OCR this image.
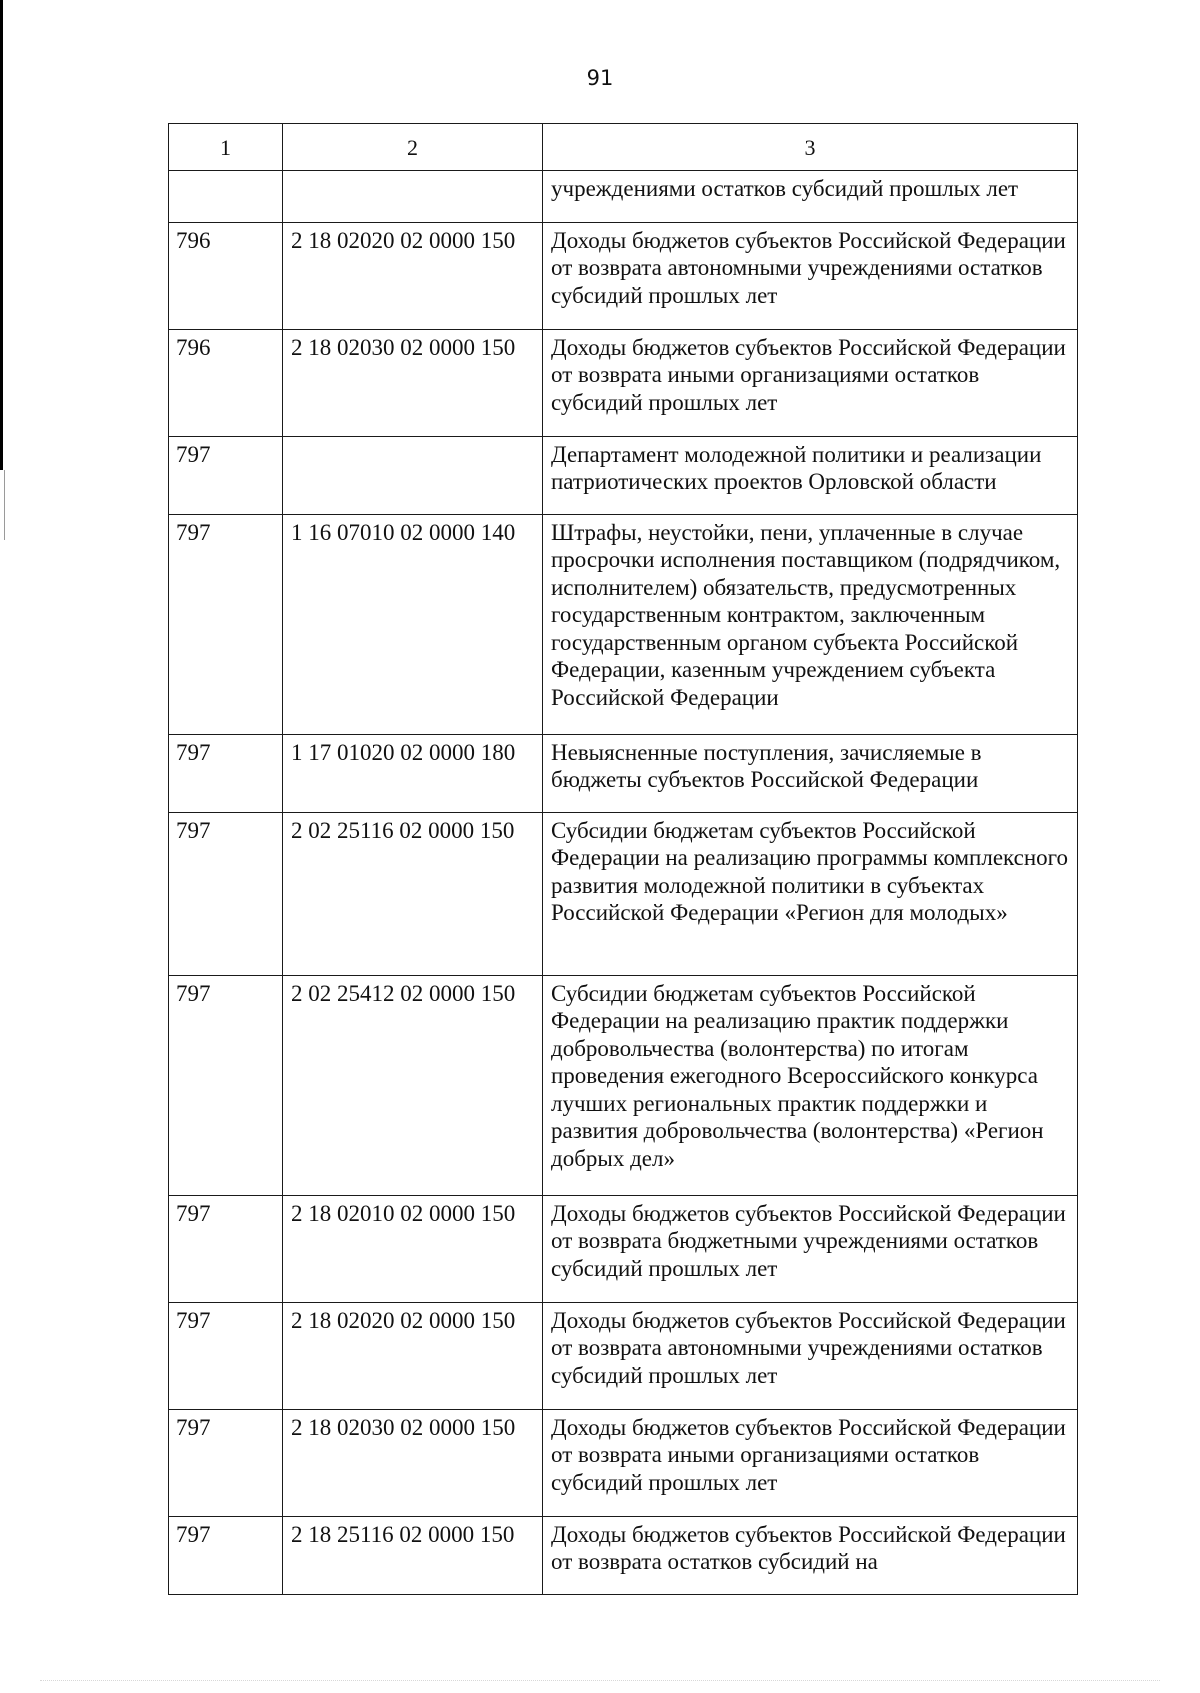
91
1	2	3
		учреждениями остатков субсидий прошлых лет
796	2 18 02020 02 0000 150	Доходы бюджетов субъектов Российской Федерации от возврата автономными учреждениями остатков субсидий прошлых лет
796	2 18 02030 02 0000 150	Доходы бюджетов субъектов Российской Федерации от возврата иными организациями остатков субсидий прошлых лет
797		Департамент молодежной политики и реализации патриотических проектов Орловской области
797	1 16 07010 02 0000 140	Штрафы, неустойки, пени, уплаченные в случае просрочки исполнения поставщиком (подрядчиком, исполнителем) обязательств, предусмотренных государственным контрактом, заключенным государственным органом субъекта Российской Федерации, казенным учреждением субъекта Российской Федерации
797	1 17 01020 02 0000 180	Невыясненные поступления, зачисляемые в бюджеты субъектов Российской Федерации
797	2 02 25116 02 0000 150	Субсидии бюджетам субъектов Российской Федерации на реализацию программы комплексного развития молодежной политики в субъектах Российской Федерации «Регион для молодых»
797	2 02 25412 02 0000 150	Субсидии бюджетам субъектов Российской Федерации на реализацию практик поддержки добровольчества (волонтерства) по итогам проведения ежегодного Всероссийского конкурса лучших региональных практик поддержки и развития добровольчества (волонтерства) «Регион добрых дел»
797	2 18 02010 02 0000 150	Доходы бюджетов субъектов Российской Федерации от возврата бюджетными учреждениями остатков субсидий прошлых лет
797	2 18 02020 02 0000 150	Доходы бюджетов субъектов Российской Федерации от возврата автономными учреждениями остатков субсидий прошлых лет
797	2 18 02030 02 0000 150	Доходы бюджетов субъектов Российской Федерации от возврата иными организациями остатков субсидий прошлых лет
797	2 18 25116 02 0000 150	Доходы бюджетов субъектов Российской Федерации от возврата остатков субсидий на
